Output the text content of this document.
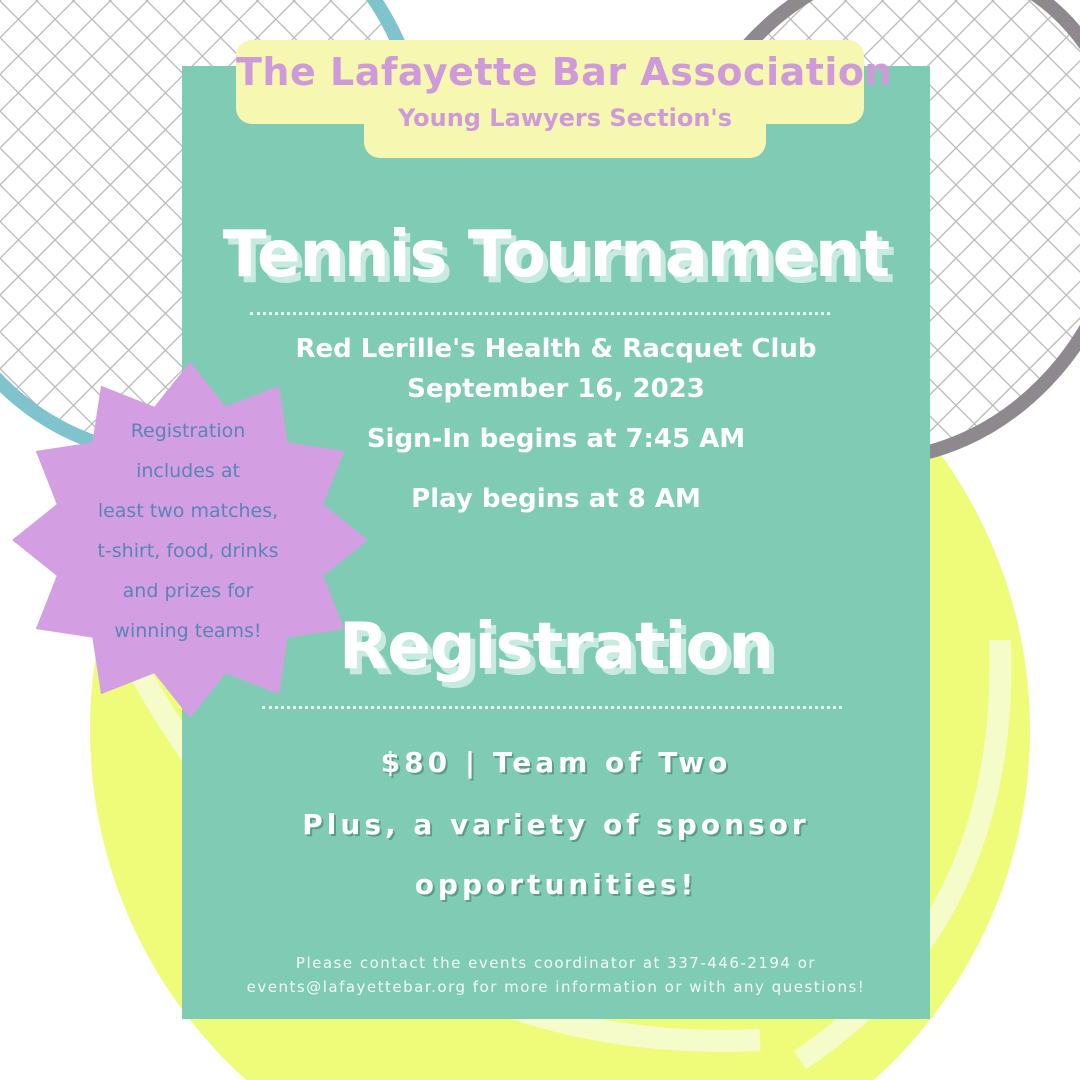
The Lafayette Bar Association
Young Lawyers Section's
Tennis Tournament
Red Lerille's Health & Racquet Club
September 16, 2023
Sign-In begins at 7:45 AM
Play begins at 8 AM
Registration
$80 | Team of Two
Plus, a variety of sponsor
opportunities!
Please contact the events coordinator at 337-446-2194 or
events@lafayettebar.org for more information or with any questions!
Registration
includes at
least two matches,
t-shirt, food, drinks
and prizes for
winning teams!
